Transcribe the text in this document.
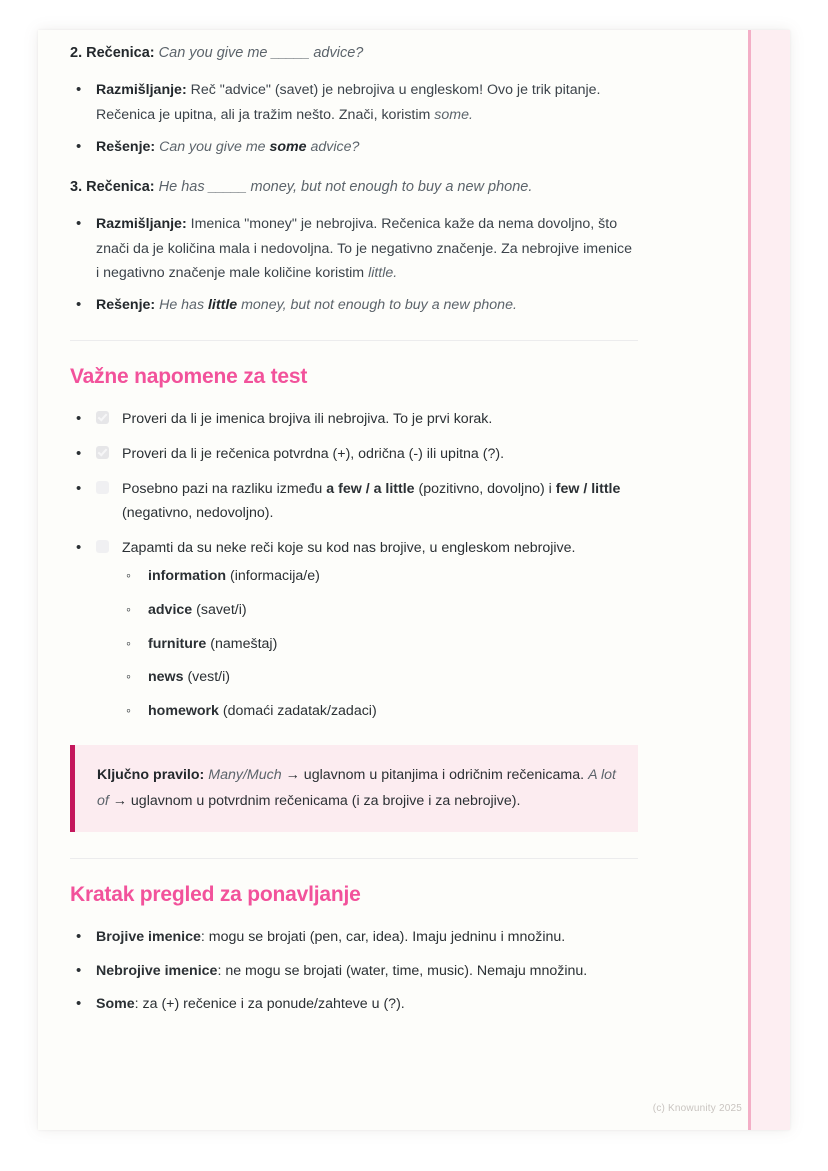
2. Rečenica: Can you give me _____ advice?

• Razmišljanje: Reč "advice" (savet) je nebrojiva u engleskom! Ovo je trik pitanje. Rečenica je upitna, ali ja tražim nešto. Znači, koristim some.
• Rešenje: Can you give me some advice?

3. Rečenica: He has _____ money, but not enough to buy a new phone.

• Razmišljanje: Imenica "money" je nebrojiva. Rečenica kaže da nema dovoljno, što znači da je količina mala i nedovoljna. To je negativno značenje. Za nebrojive imenice i negativno značenje male količine koristim little.
• Rešenje: He has little money, but not enough to buy a new phone.
Važne napomene za test
• Proveri da li je imenica brojiva ili nebrojiva. To je prvi korak.
• Proveri da li je rečenica potvrdna (+), odrična (-) ili upitna (?).
• Posebno pazi na razliku između a few / a little (pozitivno, dovoljno) i few / little (negativno, nedovoljno).
• Zapamti da su neke reči koje su kod nas brojive, u engleskom nebrojive.
◦ information (informacija/e)
◦ advice (savet/i)
◦ furniture (nameštaj)
◦ news (vest/i)
◦ homework (domaći zadatak/zadaci)

Ključno pravilo: Many/Much → uglavnom u pitanjima i odričnim rečenicama. A lot of → uglavnom u potvrdnim rečenicama (i za brojive i za nebrojive).

Kratak pregled za ponavljanje
• Brojive imenice: mogu se brojati (pen, car, idea). Imaju jedninu i množinu.
• Nebrojive imenice: ne mogu se brojati (water, time, music). Nemaju množinu.
• Some: za (+) rečenice i za ponude/zahteve u (?).
(c) Knowunity 2025
